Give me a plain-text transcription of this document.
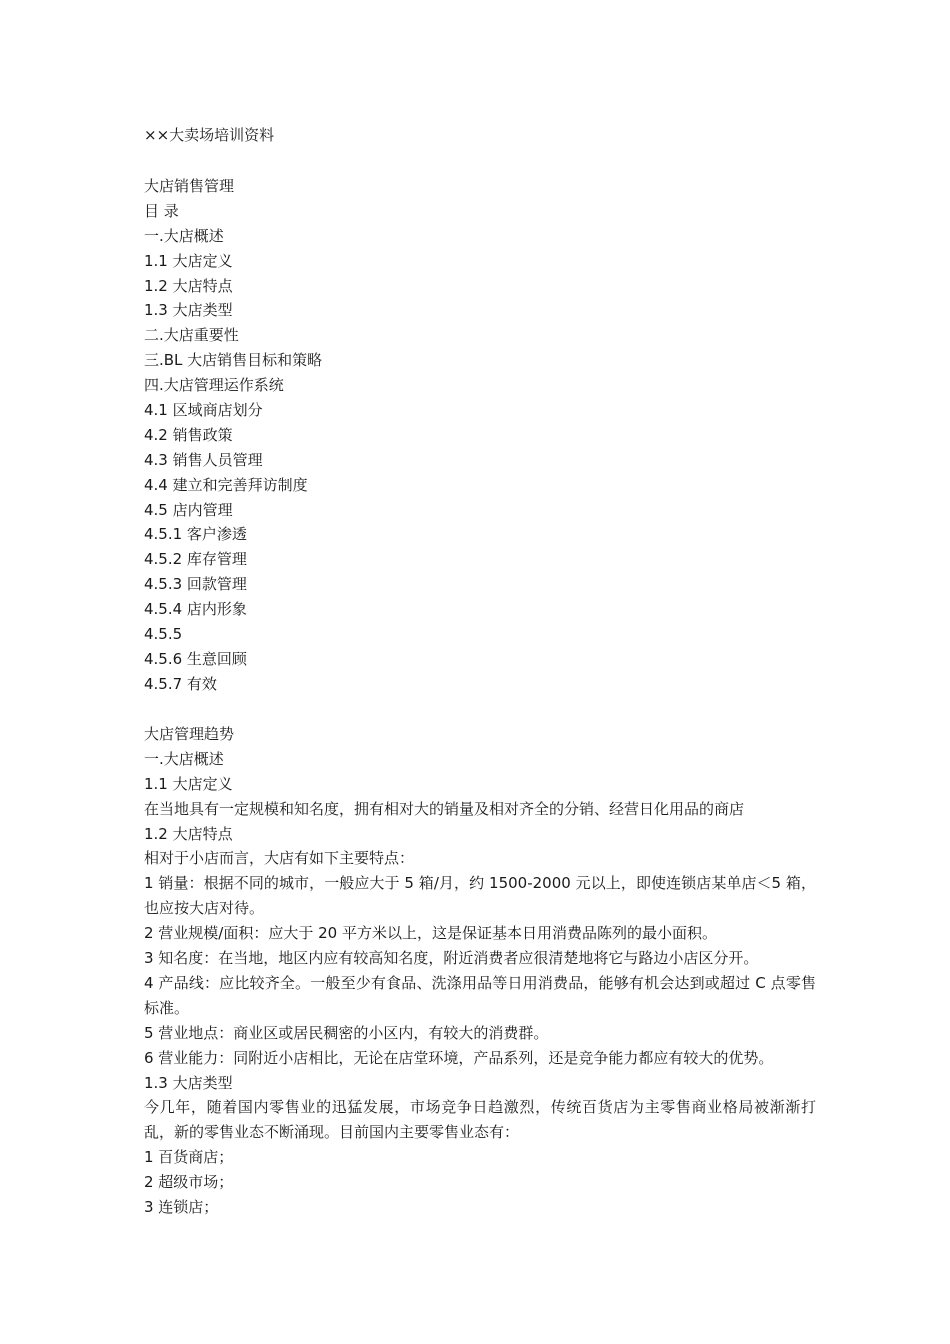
××大卖场培训资料
大店销售管理
目 录
一.大店概述
1.1 大店定义
1.2 大店特点
1.3 大店类型
二.大店重要性
三.BL 大店销售目标和策略
四.大店管理运作系统
4.1 区域商店划分
4.2 销售政策
4.3 销售人员管理
4.4 建立和完善拜访制度
4.5 店内管理
4.5.1 客户渗透
4.5.2 库存管理
4.5.3 回款管理
4.5.4 店内形象
4.5.5
4.5.6 生意回顾
4.5.7 有效

大店管理趋势

一.大店概述

1.1 大店定义

在当地具有一定规模和知名度，拥有相对大的销量及相对齐全的分销、经营日化用品的商店

1.2 大店特点

相对于小店而言，大店有如下主要特点：

1 销量：根据不同的城市，一般应大于 5 箱/月，约 1500-2000 元以上，即使连锁店某单店＜5 箱，也应按大店对待。

2 营业规模/面积：应大于 20 平方米以上，这是保证基本日用消费品陈列的最小面积。

3 知名度：在当地，地区内应有较高知名度，附近消费者应很清楚地将它与路边小店区分开。

4 产品线：应比较齐全。一般至少有食品、洗涤用品等日用消费品，能够有机会达到或超过 C 点零售标准。

5 营业地点：商业区或居民稠密的小区内，有较大的消费群。

6 营业能力：同附近小店相比，无论在店堂环境，产品系列，还是竞争能力都应有较大的优势。

1.3 大店类型

今几年，随着国内零售业的迅猛发展，市场竞争日趋激烈，传统百货店为主零售商业格局被渐渐打乱，新的零售业态不断涌现。目前国内主要零售业态有：

1 百货商店；

2 超级市场；

3 连锁店；
